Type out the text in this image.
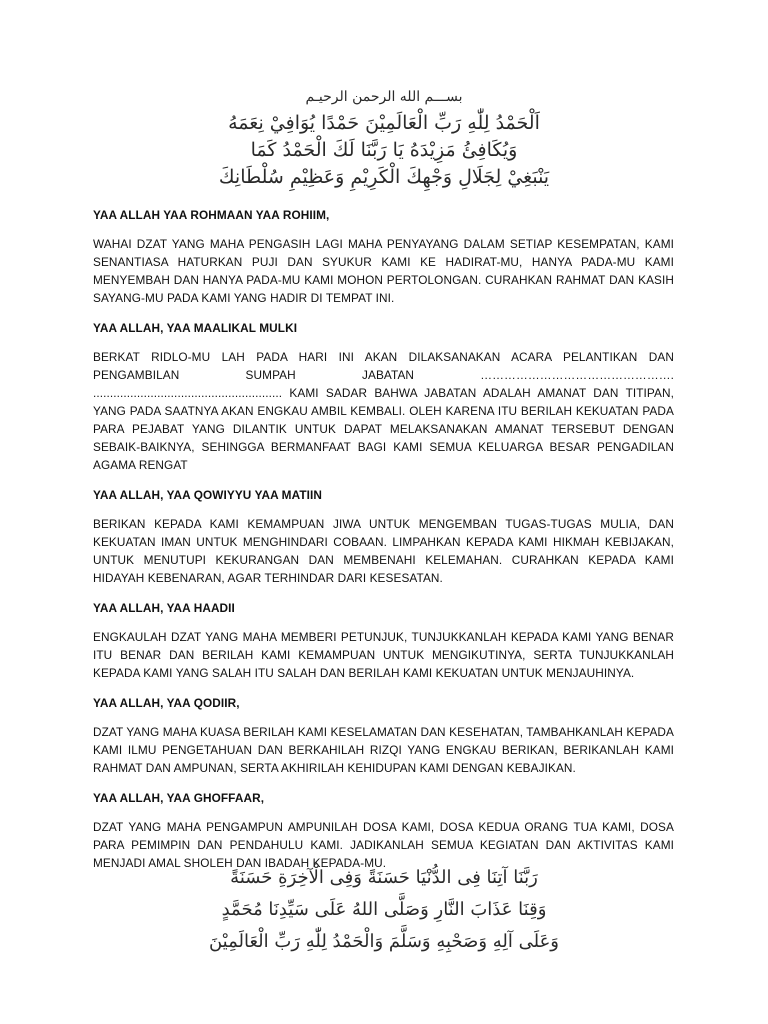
بســـم الله الرحمن الرحيـم
اَلْحَمْدُ لِلّٰهِ رَبِّ الْعَالَمِيْنَ حَمْدًا يُوَافِيْ نِعَمَهُ
وَيُكَافِئُ مَزِيْدَهُ يَا رَبَّنَا لَكَ الْحَمْدُ كَمَا
يَنْبَغِيْ لِجَلَالِ وَجْهِكَ الْكَرِيْمِ وَعَظِيْمِ سُلْطَانِكَ
YAA ALLAH YAA ROHMAAN YAA ROHIIM,
WAHAI DZAT YANG MAHA PENGASIH LAGI MAHA PENYAYANG DALAM SETIAP KESEMPATAN, KAMI SENANTIASA HATURKAN PUJI DAN SYUKUR KAMI KE HADIRAT-MU, HANYA PADA-MU KAMI MENYEMBAH DAN HANYA PADA-MU KAMI MOHON PERTOLONGAN. CURAHKAN RAHMAT DAN KASIH SAYANG-MU PADA KAMI YANG HADIR DI TEMPAT INI.
YAA ALLAH, YAA MAALIKAL MULKI
BERKAT RIDLO-MU LAH PADA HARI INI AKAN DILAKSANAKAN ACARA PELANTIKAN DAN PENGAMBILAN SUMPAH JABATAN …………………………………………. ........................................................ KAMI SADAR BAHWA JABATAN ADALAH AMANAT DAN TITIPAN, YANG PADA SAATNYA AKAN ENGKAU AMBIL KEMBALI. OLEH KARENA ITU BERILAH KEKUATAN PADA PARA PEJABAT YANG DILANTIK UNTUK DAPAT MELAKSANAKAN AMANAT TERSEBUT DENGAN SEBAIK-BAIKNYA, SEHINGGA BERMANFAAT BAGI KAMI SEMUA KELUARGA BESAR PENGADILAN AGAMA RENGAT
YAA ALLAH, YAA QOWIYYU YAA MATIIN
BERIKAN KEPADA KAMI KEMAMPUAN JIWA UNTUK MENGEMBAN TUGAS-TUGAS MULIA, DAN KEKUATAN IMAN UNTUK MENGHINDARI COBAAN. LIMPAHKAN KEPADA KAMI HIKMAH KEBIJAKAN, UNTUK MENUTUPI KEKURANGAN DAN MEMBENAHI KELEMAHAN. CURAHKAN KEPADA KAMI HIDAYAH KEBENARAN, AGAR TERHINDAR DARI KESESATAN.
YAA ALLAH, YAA HAADII
ENGKAULAH DZAT YANG MAHA MEMBERI PETUNJUK, TUNJUKKANLAH KEPADA KAMI YANG BENAR ITU BENAR DAN BERILAH KAMI KEMAMPUAN UNTUK MENGIKUTINYA, SERTA TUNJUKKANLAH KEPADA KAMI YANG SALAH ITU SALAH DAN BERILAH KAMI KEKUATAN UNTUK MENJAUHINYA.
YAA ALLAH, YAA QODIIR,
DZAT YANG MAHA KUASA BERILAH KAMI KESELAMATAN DAN KESEHATAN, TAMBAHKANLAH KEPADA KAMI ILMU PENGETAHUAN DAN BERKAHILAH RIZQI YANG ENGKAU BERIKAN, BERIKANLAH KAMI RAHMAT DAN AMPUNAN, SERTA AKHIRILAH KEHIDUPAN KAMI DENGAN KEBAJIKAN.
YAA ALLAH, YAA GHOFFAAR,
DZAT YANG MAHA PENGAMPUN AMPUNILAH DOSA KAMI, DOSA KEDUA ORANG TUA KAMI, DOSA PARA PEMIMPIN DAN PENDAHULU KAMI. JADIKANLAH SEMUA KEGIATAN DAN AKTIVITAS KAMI MENJADI AMAL SHOLEH DAN IBADAH KEPADA-MU.
رَبَّنَا آتِنَا فِى الدُّنْيَا حَسَنَةً وَفِى الْآخِرَةِ حَسَنَةً
وَقِنَا عَذَابَ النَّارِ وَصَلَّى اللهُ عَلَى سَيِّدِنَا مُحَمَّدٍ
وَعَلَى آلِهِ وَصَحْبِهِ وَسَلَّمَ وَالْحَمْدُ لِلّٰهِ رَبِّ الْعَالَمِيْنَ
